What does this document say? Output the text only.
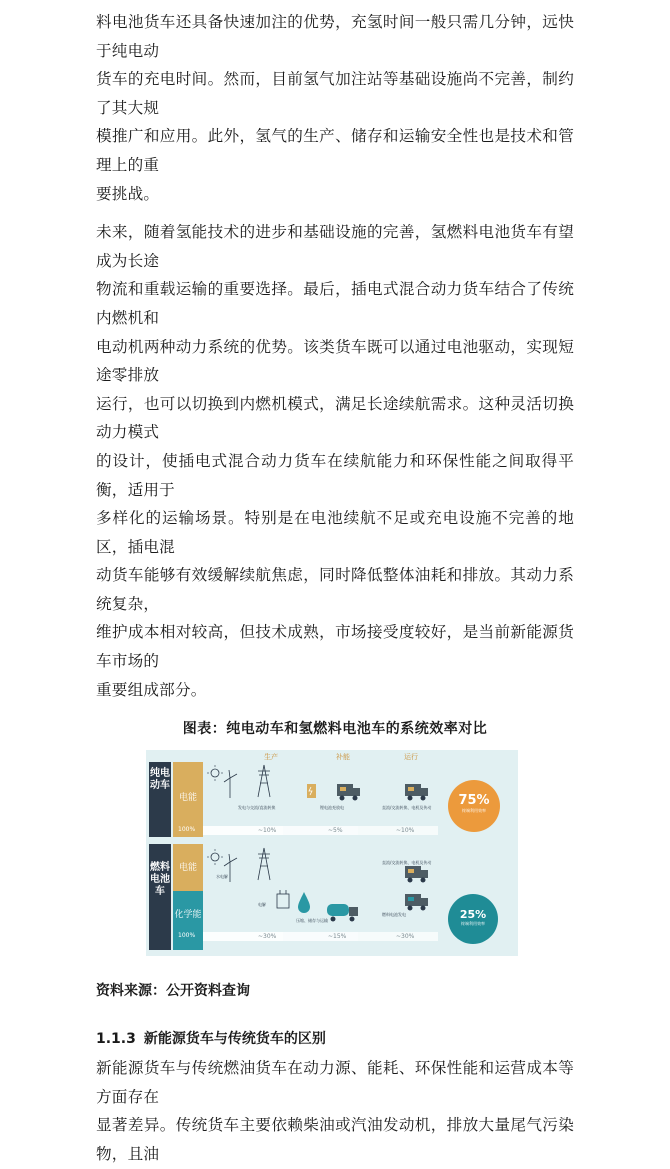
料电池货车还具备快速加注的优势，充氢时间一般只需几分钟，远快于纯电动
货车的充电时间。然而，目前氢气加注站等基础设施尚不完善，制约了其大规
模推广和应用。此外，氢气的生产、储存和运输安全性也是技术和管理上的重
要挑战。
未来，随着氢能技术的进步和基础设施的完善，氢燃料电池货车有望成为长途
物流和重载运输的重要选择。最后，插电式混合动力货车结合了传统内燃机和
电动机两种动力系统的优势。该类货车既可以通过电池驱动，实现短途零排放
运行，也可以切换到内燃机模式，满足长途续航需求。这种灵活切换动力模式
的设计，使插电式混合动力货车在续航能力和环保性能之间取得平衡，适用于
多样化的运输场景。特别是在电池续航不足或充电设施不完善的地区，插电混
动货车能够有效缓解续航焦虑，同时降低整体油耗和排放。其动力系统复杂，
维护成本相对较高，但技术成熟，市场接受度较好，是当前新能源货车市场的
重要组成部分。
图表：纯电动车和氢燃料电池车的系统效率对比
生产	补能	运行
纯电动车
电能
100%	~10%	~5%	~10%
发电与交流/直流转换	锂电池充放电	直流/交流转换、电机及传动	75%
终端利用效率
燃料电池车
电能
化学能
100%	~30%	~15%	~30%
水电解
电解
压缩、储存与运输
直流/交流转换、电机及传动
燃料电池发电	25%
终端利用效率
资料来源：公开资料查询
1.1.3 新能源货车与传统货车的区别
新能源货车与传统燃油货车在动力源、能耗、环保性能和运营成本等方面存在
显著差异。传统货车主要依赖柴油或汽油发动机，排放大量尾气污染物，且油
